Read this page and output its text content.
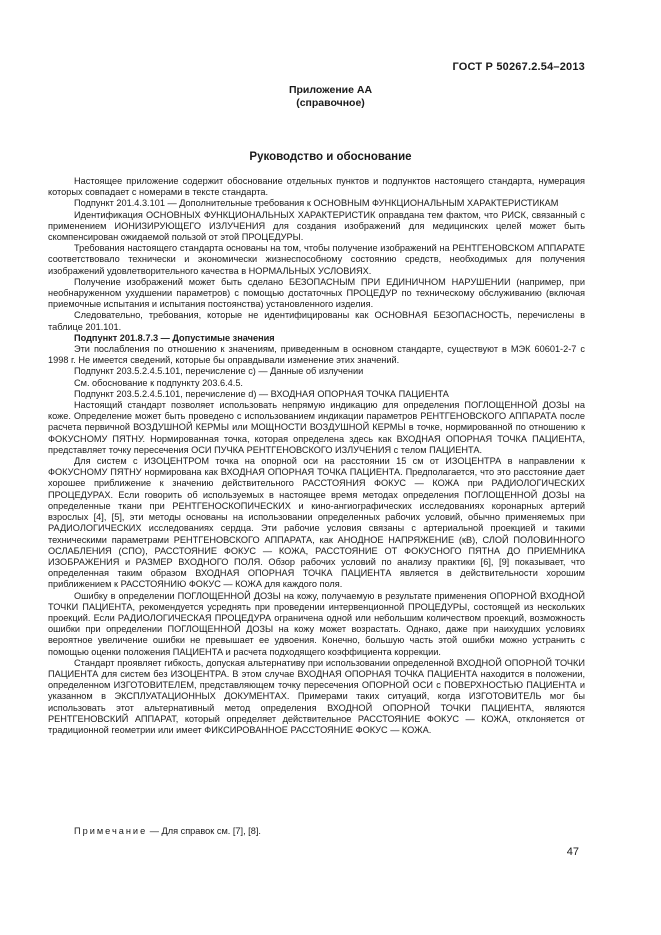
ГОСТ Р 50267.2.54–2013
Приложение АА
(справочное)
Руководство и обоснование

Настоящее приложение содержит обоснование отдельных пунктов и подпунктов настоящего стандарта, нумерация которых совпадает с номерами в тексте стандарта.

Подпункт 201.4.3.101 — Дополнительные требования к ОСНОВНЫМ ФУНКЦИОНАЛЬНЫМ ХАРАКТЕРИСТИКАМ

Идентификация ОСНОВНЫХ ФУНКЦИОНАЛЬНЫХ ХАРАКТЕРИСТИК оправдана тем фактом, что РИСК, связанный с применением ИОНИЗИРУЮЩЕГО ИЗЛУЧЕНИЯ для создания изображений для медицинских целей может быть скомпенсирован ожидаемой пользой от этой ПРОЦЕДУРЫ.

Требования настоящего стандарта основаны на том, чтобы получение изображений на РЕНТГЕНОВСКОМ АППАРАТЕ соответствовало технически и экономически жизнеспособному состоянию средств, необходимых для получения изображений удовлетворительного качества в НОРМАЛЬНЫХ УСЛОВИЯХ.

Получение изображений может быть сделано БЕЗОПАСНЫМ ПРИ ЕДИНИЧНОМ НАРУШЕНИИ (например, при необнаруженном ухудшении параметров) с помощью достаточных ПРОЦЕДУР по техническому обслуживанию (включая приемочные испытания и испытания постоянства) установленного изделия.

Следовательно, требования, которые не идентифицированы как ОСНОВНАЯ БЕЗОПАСНОСТЬ, перечислены в таблице 201.101.

Подпункт 201.8.7.3 — Допустимые значения

Эти послабления по отношению к значениям, приведенным в основном стандарте, существуют в МЭК 60601-2-7 с 1998 г. Не имеется сведений, которые бы оправдывали изменение этих значений.

Подпункт 203.5.2.4.5.101, перечисление c) — Данные об излучении

См. обоснование к подпункту 203.6.4.5.

Подпункт 203.5.2.4.5.101, перечисление d) — ВХОДНАЯ ОПОРНАЯ ТОЧКА ПАЦИЕНТА

Настоящий стандарт позволяет использовать непрямую индикацию для определения ПОГЛОЩЕННОЙ ДОЗЫ на коже. Определение может быть проведено с использованием индикации параметров РЕНТГЕНОВСКОГО АППАРАТА после расчета первичной ВОЗДУШНОЙ КЕРМЫ или МОЩНОСТИ ВОЗДУШНОЙ КЕРМЫ в точке, нормированной по отношению к ФОКУСНОМУ ПЯТНУ. Нормированная точка, которая определена здесь как ВХОДНАЯ ОПОРНАЯ ТОЧКА ПАЦИЕНТА, представляет точку пересечения ОСИ ПУЧКА РЕНТГЕНОВСКОГО ИЗЛУЧЕНИЯ с телом ПАЦИЕНТА.

Для систем с ИЗОЦЕНТРОМ точка на опорной оси на расстоянии 15 см от ИЗОЦЕНТРА в направлении к ФОКУСНОМУ ПЯТНУ нормирована как ВХОДНАЯ ОПОРНАЯ ТОЧКА ПАЦИЕНТА. Предполагается, что это расстояние дает хорошее приближение к значению действительного РАССТОЯНИЯ ФОКУС — КОЖА при РАДИОЛОГИЧЕСКИХ ПРОЦЕДУРАХ. Если говорить об используемых в настоящее время методах определения ПОГЛОЩЕННОЙ ДОЗЫ на определенные ткани при РЕНТГЕНОСКОПИЧЕСКИХ и кино-ангиографических исследованиях коронарных артерий взрослых [4], [5], эти методы основаны на использовании определенных рабочих условий, обычно применяемых при РАДИОЛОГИЧЕСКИХ исследованиях сердца. Эти рабочие условия связаны с артериальной проекцией и такими техническими параметрами РЕНТГЕНОВСКОГО АППАРАТА, как АНОДНОЕ НАПРЯЖЕНИЕ (кВ), СЛОЙ ПОЛОВИННОГО ОСЛАБЛЕНИЯ (СПО), РАССТОЯНИЕ ФОКУС — КОЖА, РАССТОЯНИЕ ОТ ФОКУСНОГО ПЯТНА ДО ПРИЕМНИКА ИЗОБРАЖЕНИЯ и РАЗМЕР ВХОДНОГО ПОЛЯ. Обзор рабочих условий по анализу практики [6], [9] показывает, что определенная таким образом ВХОДНАЯ ОПОРНАЯ ТОЧКА ПАЦИЕНТА является в действительности хорошим приближением к РАССТОЯНИЮ ФОКУС — КОЖА для каждого поля.

Ошибку в определении ПОГЛОЩЕННОЙ ДОЗЫ на кожу, получаемую в результате применения ОПОРНОЙ ВХОДНОЙ ТОЧКИ ПАЦИЕНТА, рекомендуется усреднять при проведении интервенционной ПРОЦЕДУРЫ, состоящей из нескольких проекций. Если РАДИОЛОГИЧЕСКАЯ ПРОЦЕДУРА ограничена одной или небольшим количеством проекций, возможность ошибки при определении ПОГЛОЩЕННОЙ ДОЗЫ на кожу может возрастать. Однако, даже при наихудших условиях вероятное увеличение ошибки не превышает ее удвоения. Конечно, большую часть этой ошибки можно устранить с помощью оценки положения ПАЦИЕНТА и расчета подходящего коэффициента коррекции.

Стандарт проявляет гибкость, допуская альтернативу при использовании определенной ВХОДНОЙ ОПОРНОЙ ТОЧКИ ПАЦИЕНТА для систем без ИЗОЦЕНТРА. В этом случае ВХОДНАЯ ОПОРНАЯ ТОЧКА ПАЦИЕНТА находится в положении, определенном ИЗГОТОВИТЕЛЕМ, представляющем точку пересечения ОПОРНОЙ ОСИ с ПОВЕРХНОСТЬЮ ПАЦИЕНТА и указанном в ЭКСПЛУАТАЦИОННЫХ ДОКУМЕНТАХ. Примерами таких ситуаций, когда ИЗГОТОВИТЕЛЬ мог бы использовать этот альтернативный метод определения ВХОДНОЙ ОПОРНОЙ ТОЧКИ ПАЦИЕНТА, являются РЕНТГЕНОВСКИЙ АППАРАТ, который определяет действительное РАССТОЯНИЕ ФОКУС — КОЖА, отклоняется от традиционной геометрии или имеет ФИКСИРОВАННОЕ РАССТОЯНИЕ ФОКУС — КОЖА.

Примечание — Для справок см. [7], [8].
47
